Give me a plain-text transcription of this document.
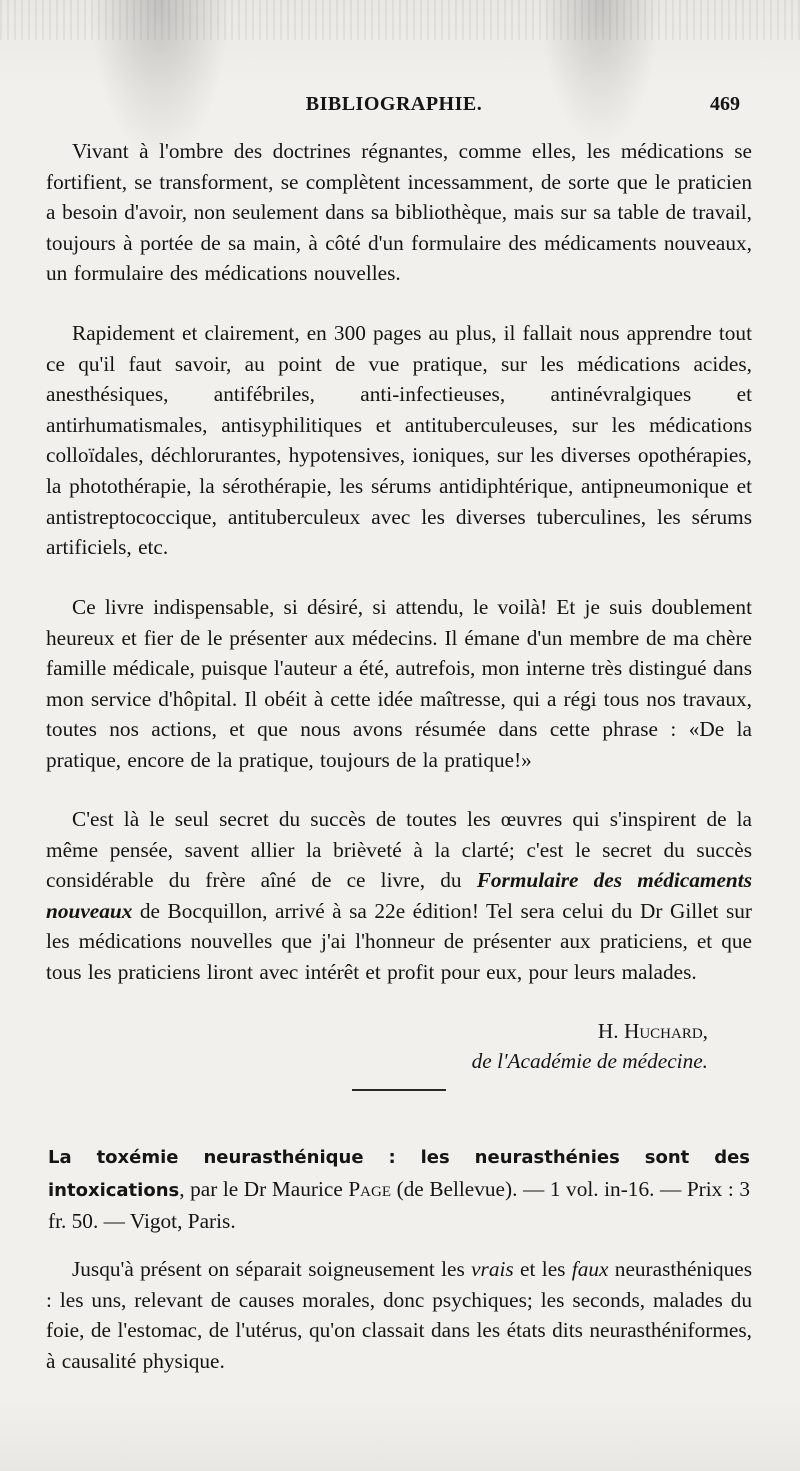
BIBLIOGRAPHIE.	469

Vivant à l'ombre des doctrines régnantes, comme elles, les médications se fortifient, se transforment, se complètent incessamment, de sorte que le praticien a besoin d'avoir, non seulement dans sa bibliothèque, mais sur sa table de travail, toujours à portée de sa main, à côté d'un formulaire des médicaments nouveaux, un formulaire des médications nouvelles.

Rapidement et clairement, en 300 pages au plus, il fallait nous apprendre tout ce qu'il faut savoir, au point de vue pratique, sur les médications acides, anesthésiques, antifébriles, anti-infectieuses, antinévralgiques et antirhumatismales, antisyphilitiques et antituberculeuses, sur les médications colloïdales, déchlorurantes, hypotensives, ioniques, sur les diverses opothérapies, la photothérapie, la sérothérapie, les sérums antidiphtérique, antipneumonique et antistreptococcique, antituberculeux avec les diverses tuberculines, les sérums artificiels, etc.

Ce livre indispensable, si désiré, si attendu, le voilà! Et je suis doublement heureux et fier de le présenter aux médecins. Il émane d'un membre de ma chère famille médicale, puisque l'auteur a été, autrefois, mon interne très distingué dans mon service d'hôpital. Il obéit à cette idée maîtresse, qui a régi tous nos travaux, toutes nos actions, et que nous avons résumée dans cette phrase : «De la pratique, encore de la pratique, toujours de la pratique!»

C'est là le seul secret du succès de toutes les œuvres qui s'inspirent de la même pensée, savent allier la brièveté à la clarté; c'est le secret du succès considérable du frère aîné de ce livre, du Formulaire des médicaments nouveaux de Bocquillon, arrivé à sa 22e édition! Tel sera celui du Dr Gillet sur les médications nouvelles que j'ai l'honneur de présenter aux praticiens, et que tous les praticiens liront avec intérêt et profit pour eux, pour leurs malades.

H. Huchard,
de l'Académie de médecine.
La toxémie neurasthénique : les neurasthénies sont des intoxications, par le Dr Maurice Page (de Bellevue). — 1 vol. in-16. — Prix : 3 fr. 50. — Vigot, Paris.

Jusqu'à présent on séparait soigneusement les vrais et les faux neurasthéniques : les uns, relevant de causes morales, donc psychiques; les seconds, malades du foie, de l'estomac, de l'utérus, qu'on classait dans les états dits neurasthéniformes, à causalité physique.
